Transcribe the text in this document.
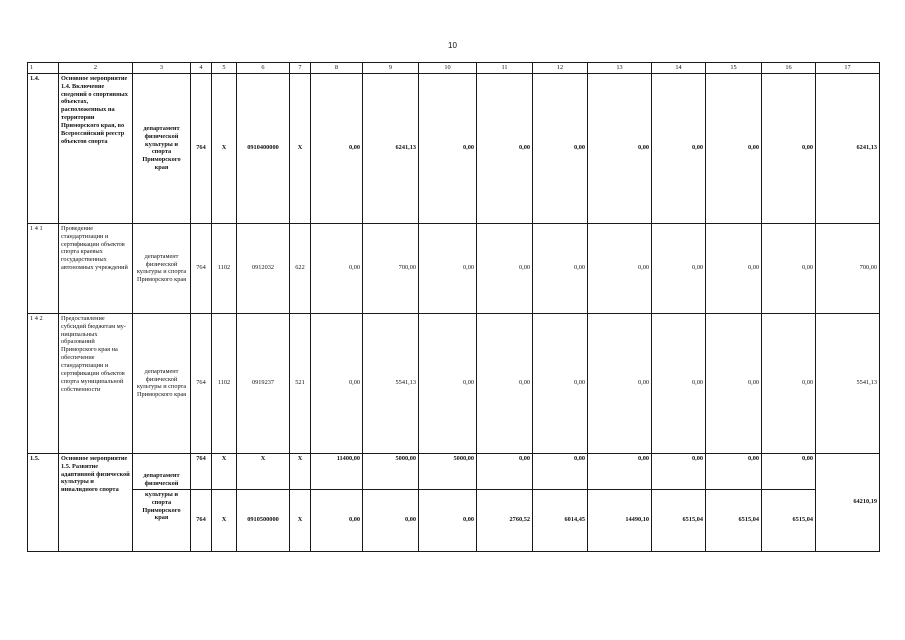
10
1	2	3	4	5	6	7	8	9	10	11	12	13	14	15	16	17
1.4.	Основное мероприятие 1.4. Включение сведений о спортивных объектах, расположенных на территории Приморского края, во Всероссийский реестр объектов спорта	департамент физической культуры и спорта Приморского края	764	X	0910400000	X	0,00	6241,13	0,00	0,00	0,00	0,00	0,00	0,00	0,00	6241,13
1 4 1	Проведение стандартизации и сертификации объектов спорта краевых государственных автономных учреждений	департамент физической культуры и спорта Приморского края	764	1102	0912032	622	0,00	700,00	0,00	0,00	0,00	0,00	0,00	0,00	0,00	700,00
1 4 2	Предоставление субсидий бюджетам му-ниципальных образований Приморского края на обеспечение стандартизации и сертификации объектов спорта муниципальной собственности	департамент физической культуры и спорта Приморского края	764	1102	0919237	521	0,00	5541,13	0,00	0,00	0,00	0,00	0,00	0,00	0,00	5541,13
1.5.	Основное мероприятие 1.5. Развитие адаптивной физической культуры и инвалидного спорта	департамент физической	764	X	X	X	11400,00	5000,00	5000,00	0,00	0,00	0,00	0,00	0,00	0,00	64210,19
		культуры и спорта Приморского края	764	X	0910500000	X	0,00	0,00	0,00	2760,52	6014,45	14490,10	6515,04	6515,04	6515,04	
